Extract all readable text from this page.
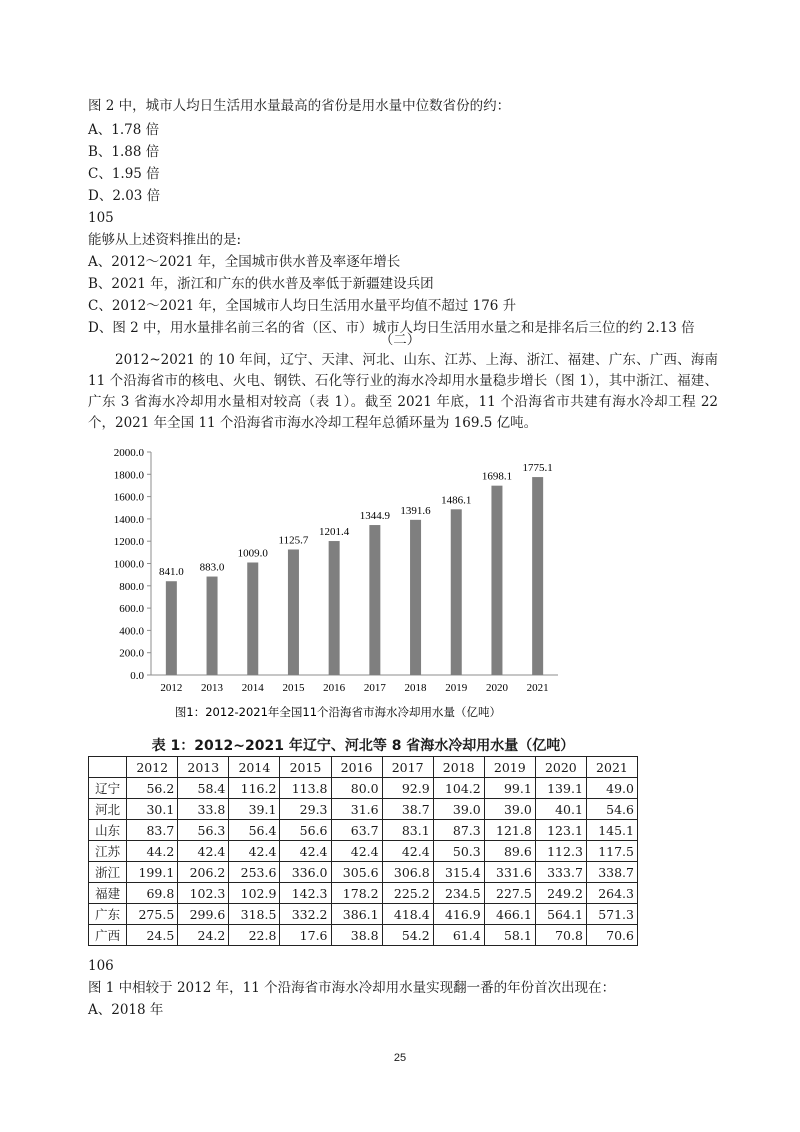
图 2 中，城市人均日生活用水量最高的省份是用水量中位数省份的约：
A、1.78 倍
B、1.88 倍
C、1.95 倍
D、2.03 倍
105
能够从上述资料推出的是:
A、2012～2021 年，全国城市供水普及率逐年增长
B、2021 年，浙江和广东的供水普及率低于新疆建设兵团
C、2012～2021 年，全国城市人均日生活用水量平均值不超过 176 升
D、图 2 中，用水量排名前三名的省（区、市）城市人均日生活用水量之和是排名后三位的约 2.13 倍
（二）
2012~2021 的 10 年间，辽宁、天津、河北、山东、江苏、上海、浙江、福建、广东、广西、海南 11 个沿海省市的核电、火电、钢铁、石化等行业的海水冷却用水量稳步增长（图 1），其中浙江、福建、广东 3 省海水冷却用水量相对较高（表 1）。截至 2021 年底，11 个沿海省市共建有海水冷却工程 22 个，2021 年全国 11 个沿海省市海水冷却工程年总循环量为 169.5 亿吨。
841.0 883.0
1009.0
1125.7
1201.4
1344.9 1391.6
1486.1
1698.1
1775.1
0.0
200.0
400.0
600.0
800.0
1000.0
1200.0
1400.0
1600.0
1800.0
2000.0
2012 2013 2014 2015 2016 2017 2018 2019 2020 2021
图1：2012-2021年全国11个沿海省市海水冷却用水量（亿吨）
表 1：2012~2021 年辽宁、河北等 8 省海水冷却用水量（亿吨）
	2012	2013	2014	2015	2016	2017	2018	2019	2020	2021
辽宁	56.2	58.4	116.2	113.8	80.0	92.9	104.2	99.1	139.1	49.0
河北	30.1	33.8	39.1	29.3	31.6	38.7	39.0	39.0	40.1	54.6
山东	83.7	56.3	56.4	56.6	63.7	83.1	87.3	121.8	123.1	145.1
江苏	44.2	42.4	42.4	42.4	42.4	42.4	50.3	89.6	112.3	117.5
浙江	199.1	206.2	253.6	336.0	305.6	306.8	315.4	331.6	333.7	338.7
福建	69.8	102.3	102.9	142.3	178.2	225.2	234.5	227.5	249.2	264.3
广东	275.5	299.6	318.5	332.2	386.1	418.4	416.9	466.1	564.1	571.3
广西	24.5	24.2	22.8	17.6	38.8	54.2	61.4	58.1	70.8	70.6
106
图 1 中相较于 2012 年，11 个沿海省市海水冷却用水量实现翻一番的年份首次出现在：
A、2018 年
25
